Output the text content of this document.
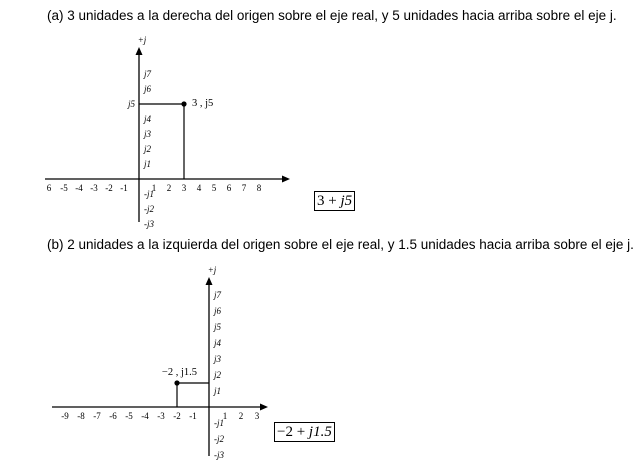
(a) 3 unidades a la derecha del origen sobre el eje real, y 5 unidades hacia arriba sobre el eje j.
+j
6 -5 -4 -3 -2 -1	1 2 3 4 5 6 7 8
j7
j6
j4
j3
j2
j1
-j1
-j2
-j3
j5	3 , j5
3 + j5
(b) 2 unidades a la izquierda del origen sobre el eje real, y 1.5 unidades hacia arriba sobre el eje j.
+j
-9 -8 -7 -6 -5 -4 -3 -2 -1	1 2 3
j7
j6
j5
j4
j3
j2
j1
-j1
-j2
-j3
−2 , j1.5
−2 + j1.5
